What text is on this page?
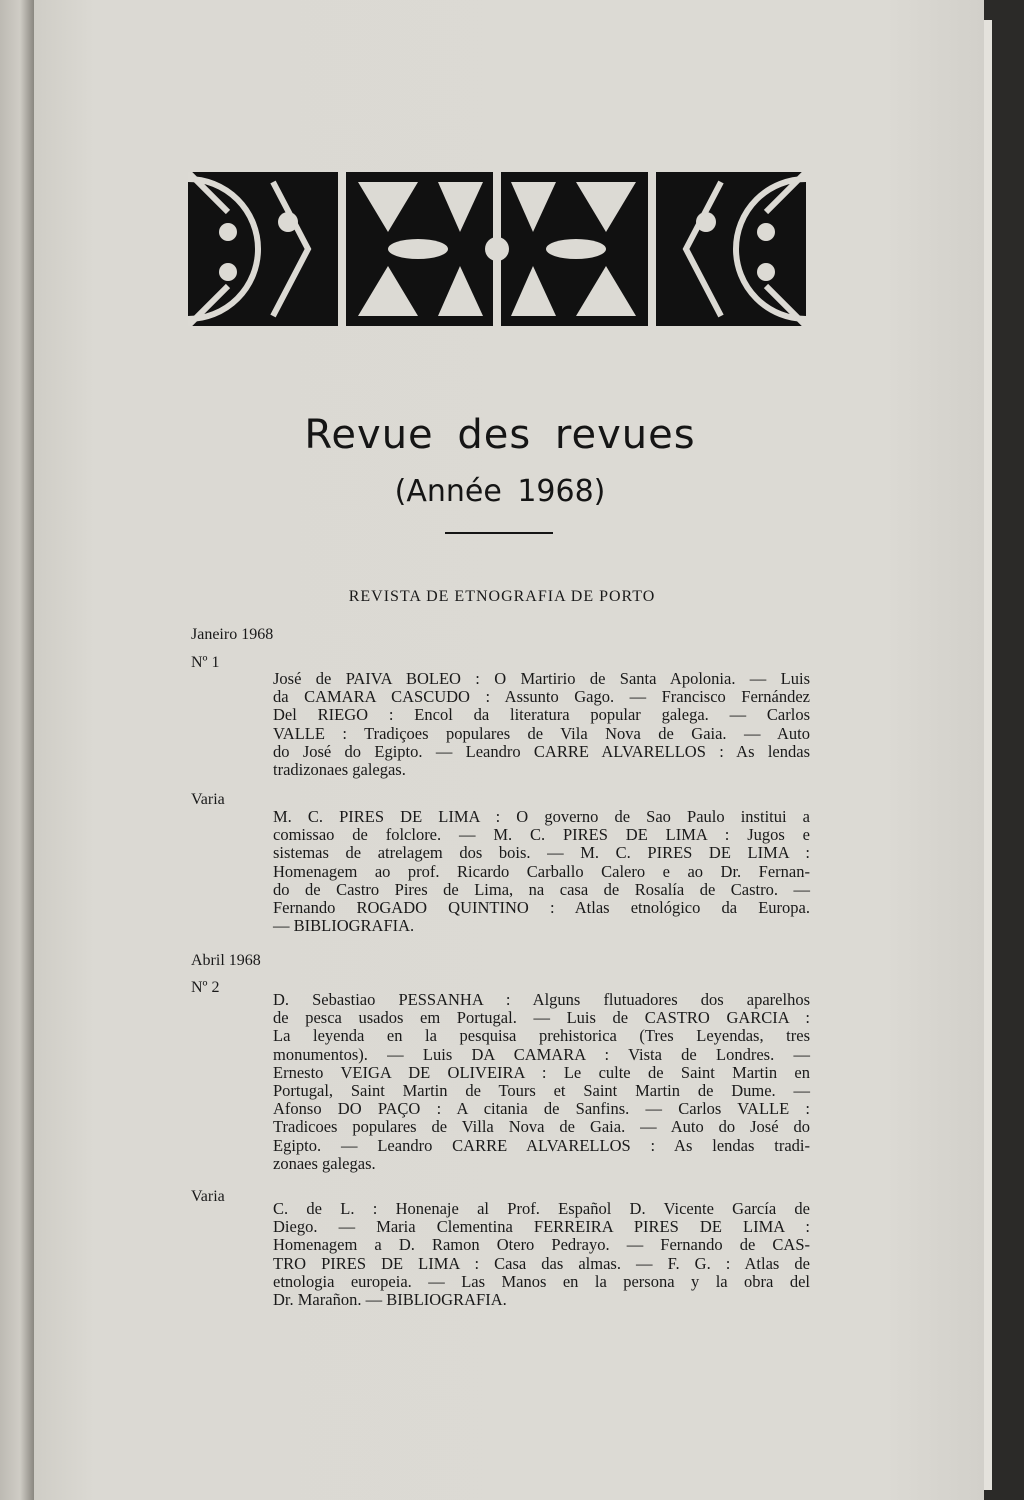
Revue des revues
(Année 1968)
REVISTA DE ETNOGRAFIA DE PORTO
Janeiro 1968
Nº 1
José de PAIVA BOLEO : O Martirio de Santa Apolonia. — Luis
da CAMARA CASCUDO : Assunto Gago. — Francisco Fernández
Del RIEGO : Encol da literatura popular galega. — Carlos
VALLE : Tradiçoes populares de Vila Nova de Gaia. — Auto
do José do Egipto. — Leandro CARRE ALVARELLOS : As lendas
tradizonaes galegas.
Varia
M. C. PIRES DE LIMA : O governo de Sao Paulo institui a
comissao de folclore. — M. C. PIRES DE LIMA : Jugos e
sistemas de atrelagem dos bois. — M. C. PIRES DE LIMA :
Homenagem ao prof. Ricardo Carballo Calero e ao Dr. Fernan-
do de Castro Pires de Lima, na casa de Rosalía de Castro. —
Fernando ROGADO QUINTINO : Atlas etnológico da Europa.
— BIBLIOGRAFIA.
Abril 1968
Nº 2
D. Sebastiao PESSANHA : Alguns flutuadores dos aparelhos
de pesca usados em Portugal. — Luis de CASTRO GARCIA :
La leyenda en la pesquisa prehistorica (Tres Leyendas, tres
monumentos). — Luis DA CAMARA : Vista de Londres. —
Ernesto VEIGA DE OLIVEIRA : Le culte de Saint Martin en
Portugal, Saint Martin de Tours et Saint Martin de Dume. —
Afonso DO PAÇO : A citania de Sanfins. — Carlos VALLE :
Tradicoes populares de Villa Nova de Gaia. — Auto do José do
Egipto. — Leandro CARRE ALVARELLOS : As lendas tradi-
zonaes galegas.
Varia
C. de L. : Honenaje al Prof. Español D. Vicente García de
Diego. — Maria Clementina FERREIRA PIRES DE LIMA :
Homenagem a D. Ramon Otero Pedrayo. — Fernando de CAS-
TRO PIRES DE LIMA : Casa das almas. — F. G. : Atlas de
etnologia europeia. — Las Manos en la persona y la obra del
Dr. Marañon. — BIBLIOGRAFIA.
